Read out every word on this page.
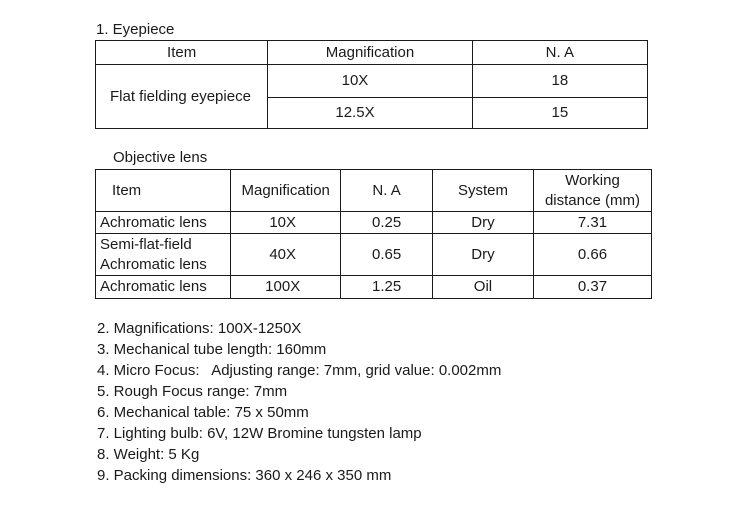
1. Eyepiece
Item	Magnification	N. A
Flat fielding eyepiece	10X	18
	12.5X	15
Objective lens
Item	Magnification	N. A	System	Working
distance (mm)

Achromatic lens	10X	0.25	Dry	7.31

Semi-flat-field
Achromatic lens	40X	0.65	Dry	0.66
Achromatic lens	100X	1.25	Oil	0.37
2. Magnifications: 100X-1250X
3. Mechanical tube length: 160mm
4. Micro Focus:   Adjusting range: 7mm, grid value: 0.002mm
5. Rough Focus range: 7mm
6. Mechanical table: 75 x 50mm
7. Lighting bulb: 6V, 12W Bromine tungsten lamp
8. Weight: 5 Kg
9. Packing dimensions: 360 x 246 x 350 mm
